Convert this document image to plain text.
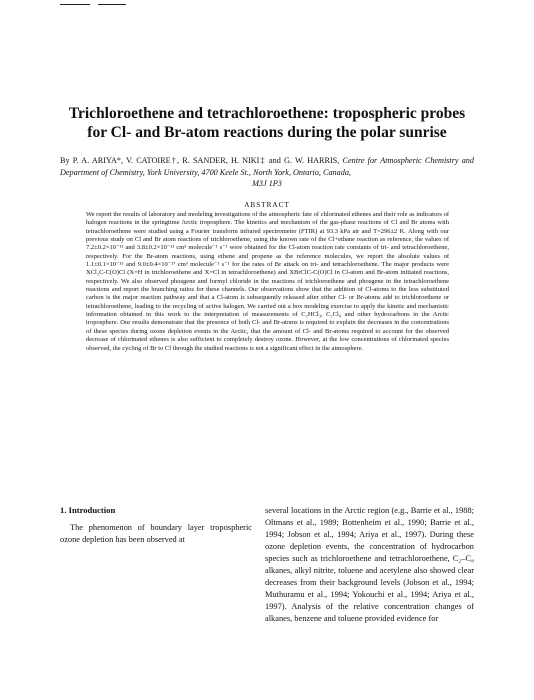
Trichloroethene and tetrachloroethene: tropospheric probes
for Cl- and Br-atom reactions during the polar sunrise
By P. A. ARIYA*, V. CATOIRE†, R. SANDER, H. NIKI‡ and G. W. HARRIS, Centre for Atmospheric Chemistry and Department of Chemistry, York University, 4700 Keele St., North York, Ontario, Canada,
M3J 1P3
ABSTRACT

We report the results of laboratory and modeling investigations of the atmospheric fate of chlorinated ethenes and their role as indicators of halogen reactions in the springtime Arctic troposphere. The kinetics and mechanism of the gas-phase reactions of Cl and Br atoms with tetrachloroethene were studied using a Fourier transform infrared spectrometer (FTIR) at 93.3 kPa air and T=296±2 K. Along with our previous study on Cl and Br atom reactions of trichloroethene, using the known rate of the Cl+ethane reaction as reference, the values of 7.2±0.2×10⁻¹¹ and 3.8±0.2×10⁻¹¹ cm³ molecule⁻¹ s⁻¹ were obtained for the Cl-atom reaction rate constants of tri- and tetrachloroethene, respectively. For the Br-atom reactions, using ethene and propene as the reference molecules, we report the absolute values of 1.1±0.1×10⁻¹⁵ and 9.0±0.4×10⁻¹⁷ cm³ molecule⁻¹ s⁻¹ for the rates of Br attack on tri- and tetrachloroethene. The major products were XCl₂C-C(O)Cl (X=H in trichloroethene and X=Cl in tetrachloroethene) and XBrClC-C(O)Cl in Cl-atom and Br-atom initiated reactions, respectively. We also observed phosgene and formyl chloride in the reactions of trichloroethene and phosgene in the tetrachloroethene reactions and report the branching ratios for these channels. Our observations show that the addition of Cl-atoms to the less substituted carbon is the major reaction pathway and that a Cl-atom is subsequently released after either Cl- or Br-atoms add to trichloroethene or tetrachloroethene, leading to the recycling of active halogen. We carried out a box modeling exercise to apply the kinetic and mechanistic information obtained in this work to the interpretation of measurements of C₂HCl₃, C₂Cl₄ and other hydrocarbons in the Arctic troposphere. Our results demonstrate that the presence of both Cl- and Br-atoms is required to explain the decreases in the concentrations of these species during ozone depletion events in the Arctic, that the amount of Cl- and Br-atoms required to account for the observed decrease of chlorinated ethenes is also sufficient to completely destroy ozone. However, at the low concentrations of chlorinated species observed, the cycling of Br to Cl through the studied reactions is not a significant effect in the atmosphere.

1. Introduction

The phenomenon of boundary layer tropospheric ozone depletion has been observed at

several locations in the Arctic region (e.g., Barrie et al., 1988; Oltmans et al., 1989; Bottenheim et al., 1990; Barrie et al., 1994; Jobson et al., 1994; Ariya et al., 1997). During these ozone depletion events, the concentration of hydrocarbon species such as trichloroethene and tetrachloroethene, C₂–C₈ alkanes, alkyl nitrite, toluene and acetylene also showed clear decreases from their background levels (Jobson et al., 1994; Muthuramu et al., 1994; Yokouchi et al., 1994; Ariya et al., 1997). Analysis of the relative concentration changes of alkanes, benzene and toluene provided evidence for
